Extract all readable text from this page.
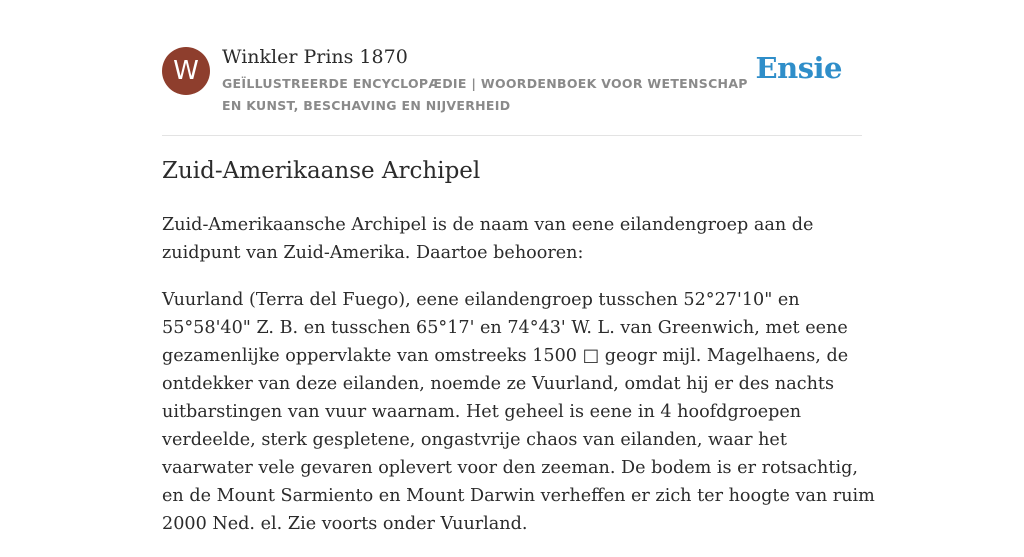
W	Winkler Prins 1870
GEÏLLUSTREERDE ENCYCLOPÆDIE | WOORDENBOEK VOOR WETENSCHAP EN KUNST, BESCHAVING EN NIJVERHEID
Ensie
Zuid-Amerikaanse Archipel

Zuid-Amerikaansche Archipel is de naam van eene eilandengroep aan de zuidpunt van Zuid-Amerika. Daartoe behooren:

Vuurland (Terra del Fuego), eene eilandengroep tusschen 52°27'10" en 55°58'40" Z. B. en tusschen 65°17' en 74°43' W. L. van Greenwich, met eene gezamenlijke oppervlakte van omstreeks 1500 □ geogr mijl. Magelhaens, de ontdekker van deze eilanden, noemde ze Vuurland, omdat hij er des nachts uitbarstingen van vuur waarnam. Het geheel is eene in 4 hoofdgroepen verdeelde, sterk gespletene, ongastvrije chaos van eilanden, waar het vaarwater vele gevaren oplevert voor den zeeman. De bodem is er rotsachtig, en de Mount Sarmiento en Mount Darwin verheffen er zich ter hoogte van ruim 2000 Ned. el. Zie voorts onder Vuurland.
